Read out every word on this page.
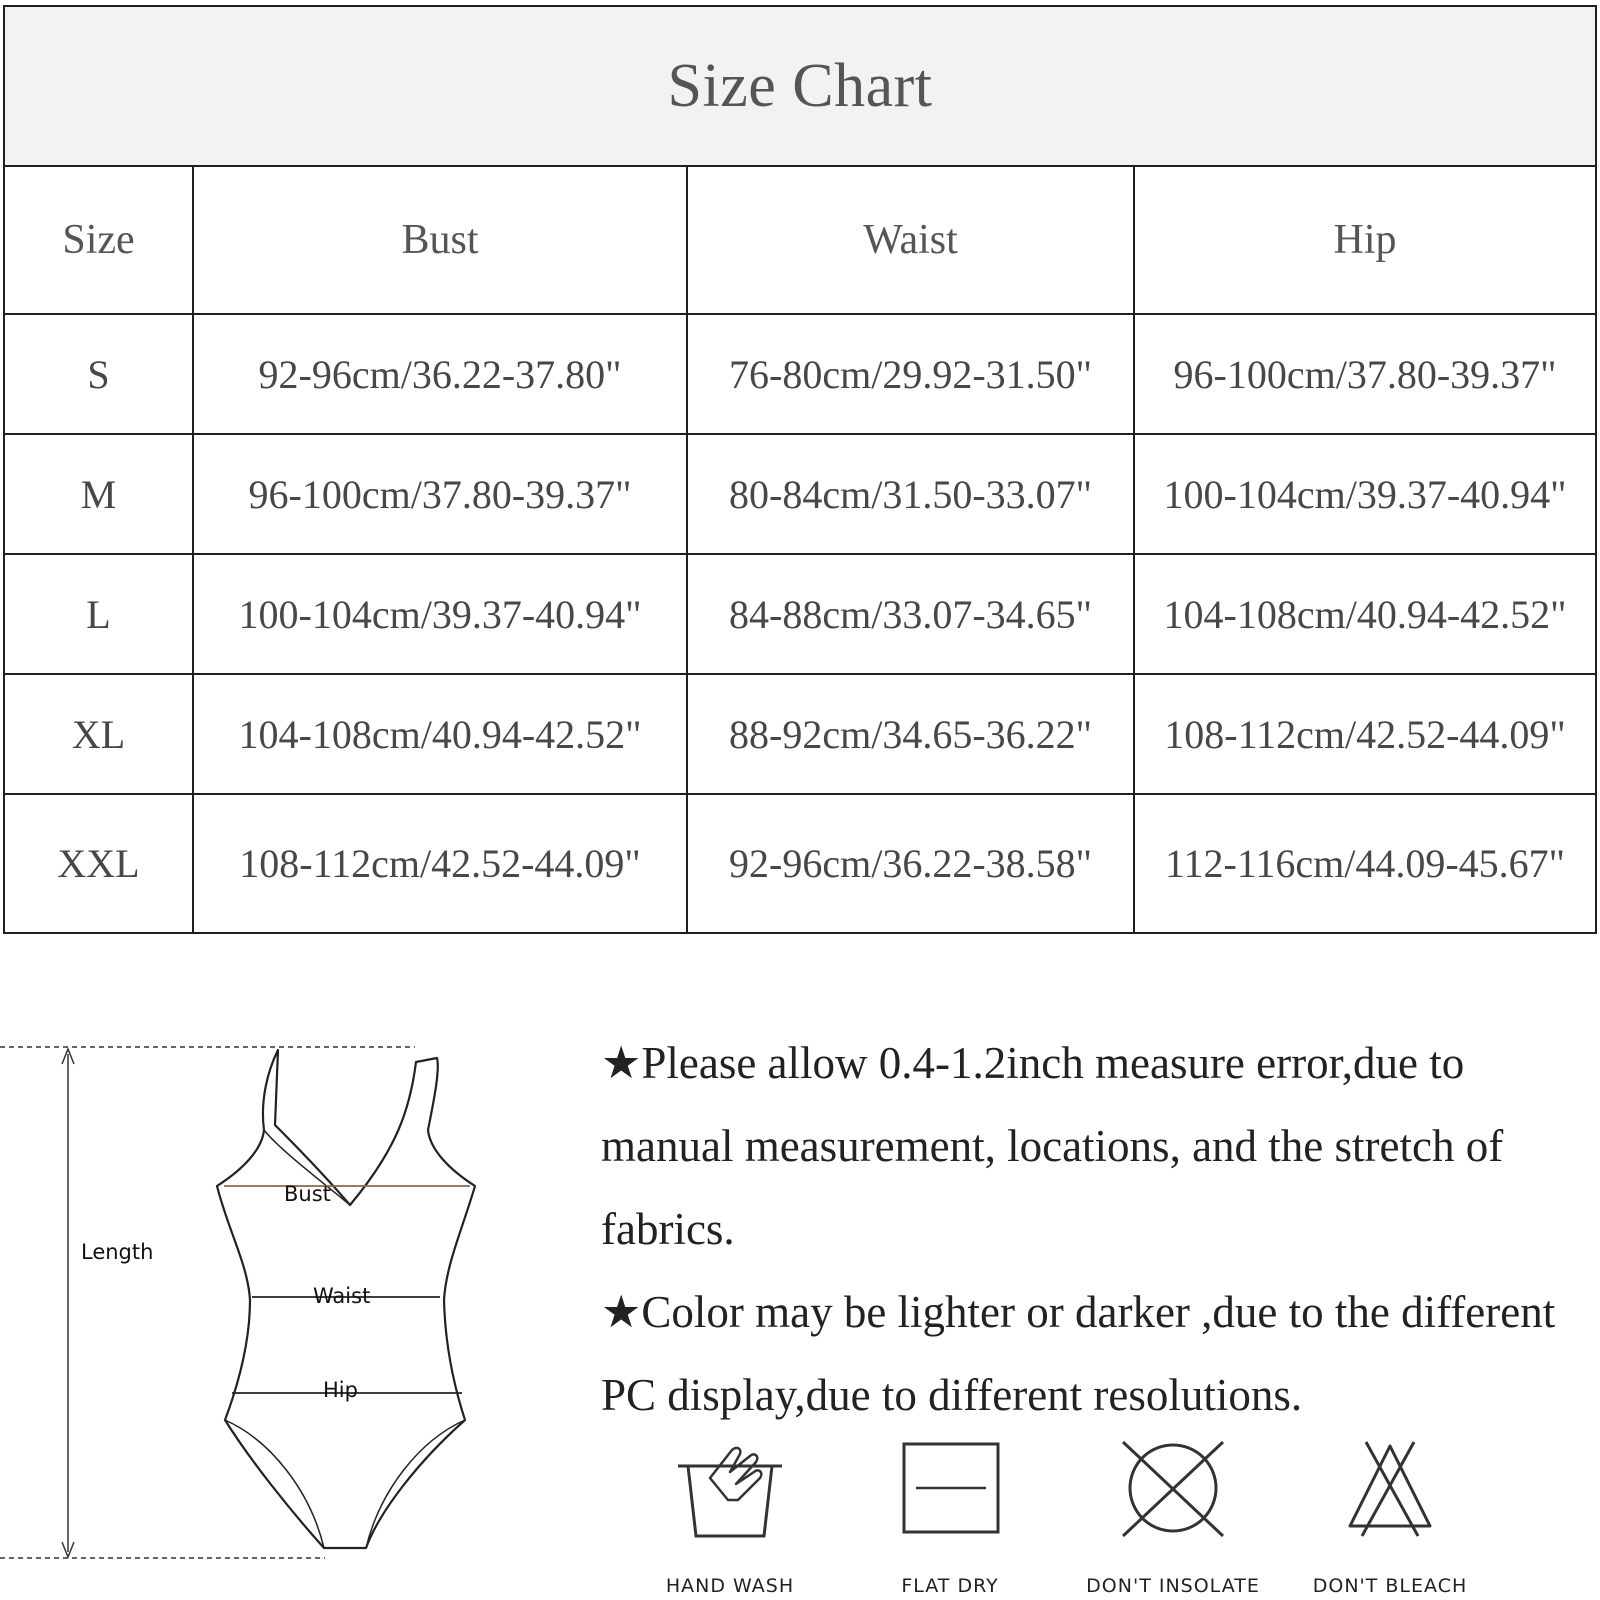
Size Chart			
Size	Bust	Waist	Hip
S	92-96cm/36.22-37.80"	76-80cm/29.92-31.50"	96-100cm/37.80-39.37"
M	96-100cm/37.80-39.37"	80-84cm/31.50-33.07"	100-104cm/39.37-40.94"
L	100-104cm/39.37-40.94"	84-88cm/33.07-34.65"	104-108cm/40.94-42.52"
XL	104-108cm/40.94-42.52"	88-92cm/34.65-36.22"	108-112cm/42.52-44.09"
XXL	108-112cm/42.52-44.09"	92-96cm/36.22-38.58"	112-116cm/44.09-45.67"
Length
Bust
Waist
Hip

★Please allow 0.4-1.2inch measure error,due to manual measurement, locations, and the stretch of fabrics.

★Color may be lighter or darker ,due to the different PC display,due to different resolutions.

HAND WASH	FLAT DRY	DON'T INSOLATE	DON'T BLEACH
